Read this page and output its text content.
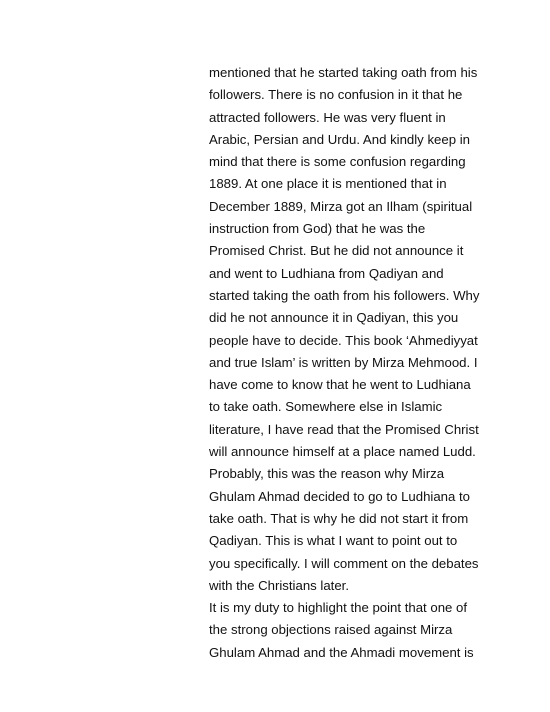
mentioned that he started taking oath from his
followers. There is no confusion in it that he
attracted followers. He was very fluent in
Arabic, Persian and Urdu. And kindly keep in
mind that there is some confusion regarding
1889. At one place it is mentioned that in
December 1889, Mirza got an Ilham (spiritual
instruction from God) that he was the
Promised Christ. But he did not announce it
and went to Ludhiana from Qadiyan and
started taking the oath from his followers. Why
did he not announce it in Qadiyan, this you
people have to decide. This book ‘Ahmediyyat
and true Islam’ is written by Mirza Mehmood. I
have come to know that he went to Ludhiana
to take oath. Somewhere else in Islamic
literature, I have read that the Promised Christ
will announce himself at a place named Ludd.
Probably, this was the reason why Mirza
Ghulam Ahmad decided to go to Ludhiana to
take oath. That is why he did not start it from
Qadiyan. This is what I want to point out to
you specifically. I will comment on the debates
with the Christians later.
It is my duty to highlight the point that one of
the strong objections raised against Mirza
Ghulam Ahmad and the Ahmadi movement is
